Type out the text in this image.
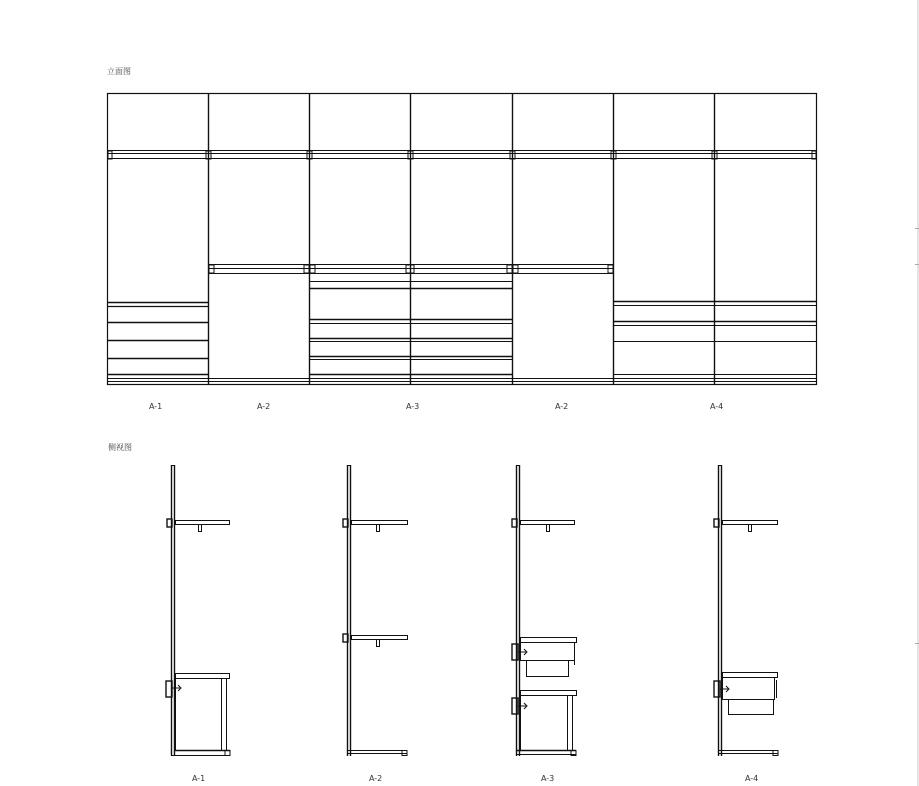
立面图
侧视图
A-1	A-2	A-3	A-2	A-4
A-1	A-2	A-3	A-4
